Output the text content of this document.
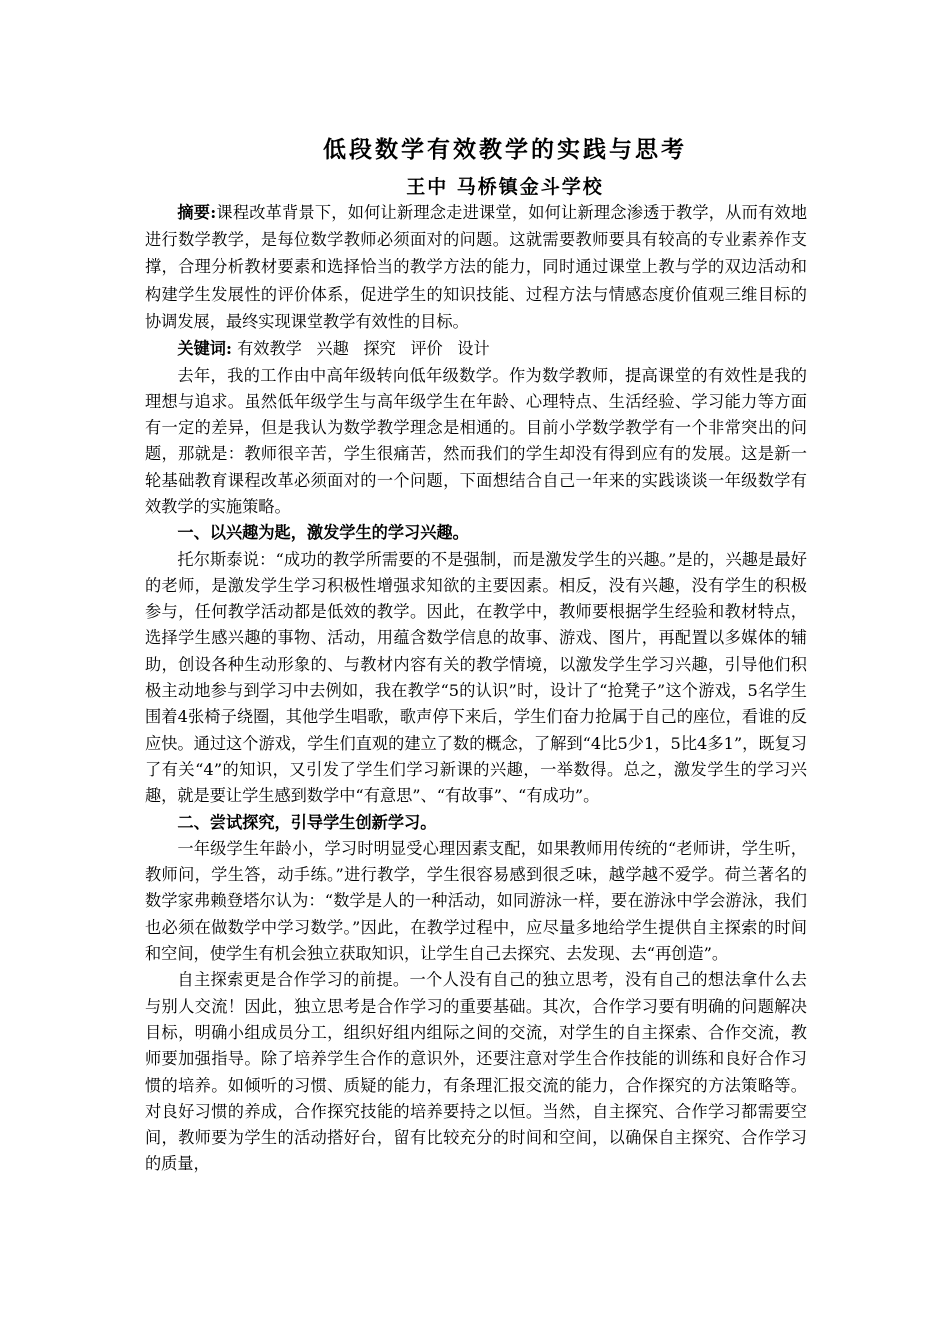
低段数学有效教学的实践与思考
王中 马桥镇金斗学校

摘要:课程改革背景下，如何让新理念走进课堂，如何让新理念渗透于教学，从而有效地进行数学教学，是每位数学教师必须面对的问题。这就需要教师要具有较高的专业素养作支撑，合理分析教材要素和选择恰当的教学方法的能力，同时通过课堂上教与学的双边活动和构建学生发展性的评价体系，促进学生的知识技能、过程方法与情感态度价值观三维目标的协调发展，最终实现课堂教学有效性的目标。

关键词: 有效教学 兴趣 探究 评价 设计

去年，我的工作由中高年级转向低年级数学。作为数学教师，提高课堂的有效性是我的理想与追求。虽然低年级学生与高年级学生在年龄、心理特点、生活经验、学习能力等方面有一定的差异，但是我认为数学教学理念是相通的。目前小学数学教学有一个非常突出的问题，那就是：教师很辛苦，学生很痛苦，然而我们的学生却没有得到应有的发展。这是新一轮基础教育课程改革必须面对的一个问题，下面想结合自己一年来的实践谈谈一年级数学有效教学的实施策略。

一、以兴趣为匙，激发学生的学习兴趣。

托尔斯泰说：“成功的教学所需要的不是强制，而是激发学生的兴趣。”是的，兴趣是最好的老师，是激发学生学习积极性增强求知欲的主要因素。相反，没有兴趣，没有学生的积极参与，任何教学活动都是低效的教学。因此，在教学中，教师要根据学生经验和教材特点，选择学生感兴趣的事物、活动，用蕴含数学信息的故事、游戏、图片，再配置以多媒体的辅助，创设各种生动形象的、与教材内容有关的教学情境，以激发学生学习兴趣，引导他们积极主动地参与到学习中去例如，我在教学“5的认识”时，设计了“抢凳子”这个游戏，5名学生围着4张椅子绕圈，其他学生唱歌，歌声停下来后，学生们奋力抢属于自己的座位，看谁的反应快。通过这个游戏，学生们直观的建立了数的概念，了解到“4比5少1，5比4多1”，既复习了有关“4”的知识，又引发了学生们学习新课的兴趣，一举数得。总之，激发学生的学习兴趣，就是要让学生感到数学中“有意思”、“有故事”、“有成功”。

二、尝试探究，引导学生创新学习。

一年级学生年龄小，学习时明显受心理因素支配，如果教师用传统的“老师讲，学生听，教师问，学生答，动手练。”进行教学，学生很容易感到很乏味，越学越不爱学。荷兰著名的数学家弗赖登塔尔认为：“数学是人的一种活动，如同游泳一样，要在游泳中学会游泳，我们也必须在做数学中学习数学。”因此，在教学过程中，应尽量多地给学生提供自主探索的时间和空间，使学生有机会独立获取知识，让学生自己去探究、去发现、去“再创造”。

自主探索更是合作学习的前提。一个人没有自己的独立思考，没有自己的想法拿什么去与别人交流！因此，独立思考是合作学习的重要基础。其次，合作学习要有明确的问题解决目标，明确小组成员分工，组织好组内组际之间的交流，对学生的自主探索、合作交流，教师要加强指导。除了培养学生合作的意识外，还要注意对学生合作技能的训练和良好合作习惯的培养。如倾听的习惯、质疑的能力，有条理汇报交流的能力，合作探究的方法策略等。对良好习惯的养成，合作探究技能的培养要持之以恒。当然，自主探究、合作学习都需要空间，教师要为学生的活动搭好台，留有比较充分的时间和空间，以确保自主探究、合作学习的质量，
